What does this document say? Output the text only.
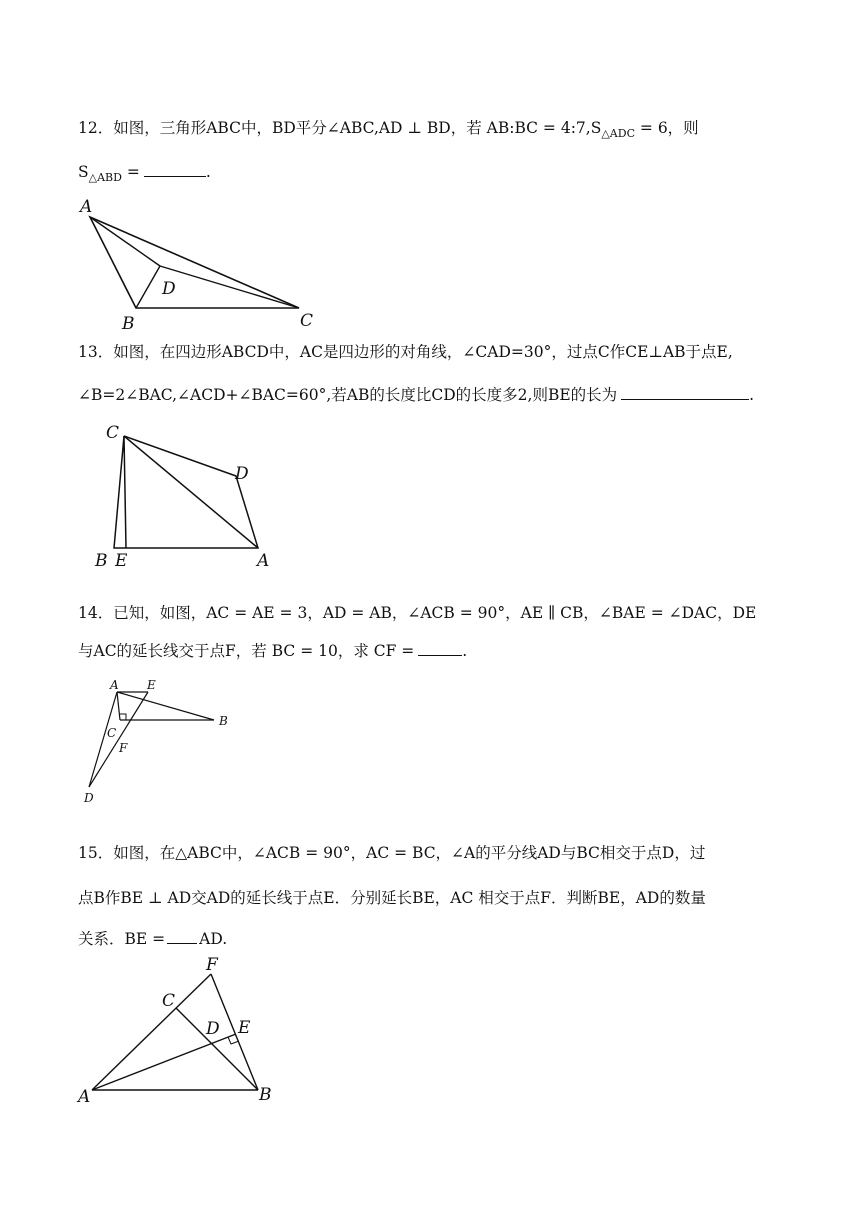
12．如图，三角形ABC中，BD平分∠ABC,AD ⊥ BD，若 AB:BC = $4:7,S_{\triangle ADC} = 6$，则
$S_{\triangle ABD}$ =	.
A
B	C
D
13．如图，在四边形ABCD中，AC是四边形的对角线，∠CAD=30°，过点C作CE⊥AB于点E,
∠B=2∠BAC,∠ACD+∠BAC=60°,若AB的长度比CD的长度多2,则BE的长为	.
C
D
B E	A
14．已知，如图，AC = AE = 3，AD = AB，∠ACB = 90°，AE ∥ CB，∠BAE = ∠DAC，DE
与AC的延长线交于点F，若 BC = 10，求 CF =	.
A E
B
C
F
D
15．如图，在△ABC中，∠ACB = 90°，AC = BC，∠A的平分线AD与BC相交于点D，过
点B作BE ⊥ AD交AD的延长线于点E．分别延长BE，AC 相交于点F．判断BE，AD的数量
关系．BE = AD.
F
C
D E
A	B
